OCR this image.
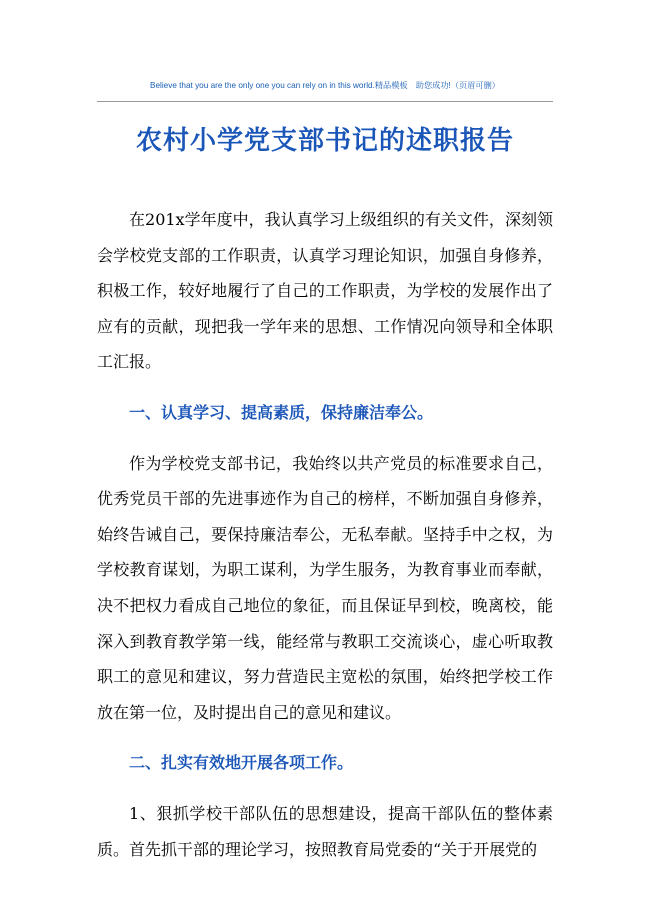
Believe that you are the only one you can rely on in this world.精品模板　助您成功!（页眉可删）
农村小学党支部书记的述职报告

在201x学年度中，我认真学习上级组织的有关文件，深刻领会学校党支部的工作职责，认真学习理论知识，加强自身修养，积极工作，较好地履行了自己的工作职责，为学校的发展作出了应有的贡献，现把我一学年来的思想、工作情况向领导和全体职工汇报。

一、认真学习、提高素质，保持廉洁奉公。

作为学校党支部书记，我始终以共产党员的标准要求自己，优秀党员干部的先进事迹作为自己的榜样，不断加强自身修养，始终告诫自己，要保持廉洁奉公，无私奉献。坚持手中之权，为学校教育谋划，为职工谋利，为学生服务，为教育事业而奉献，决不把权力看成自己地位的象征，而且保证早到校，晚离校，能深入到教育教学第一线，能经常与教职工交流谈心，虚心听取教职工的意见和建议，努力营造民主宽松的氛围，始终把学校工作放在第一位，及时提出自己的意见和建议。

二、扎实有效地开展各项工作。

1、狠抓学校干部队伍的思想建设，提高干部队伍的整体素质。首先抓干部的理论学习，按照教育局党委的“关于开展党的
